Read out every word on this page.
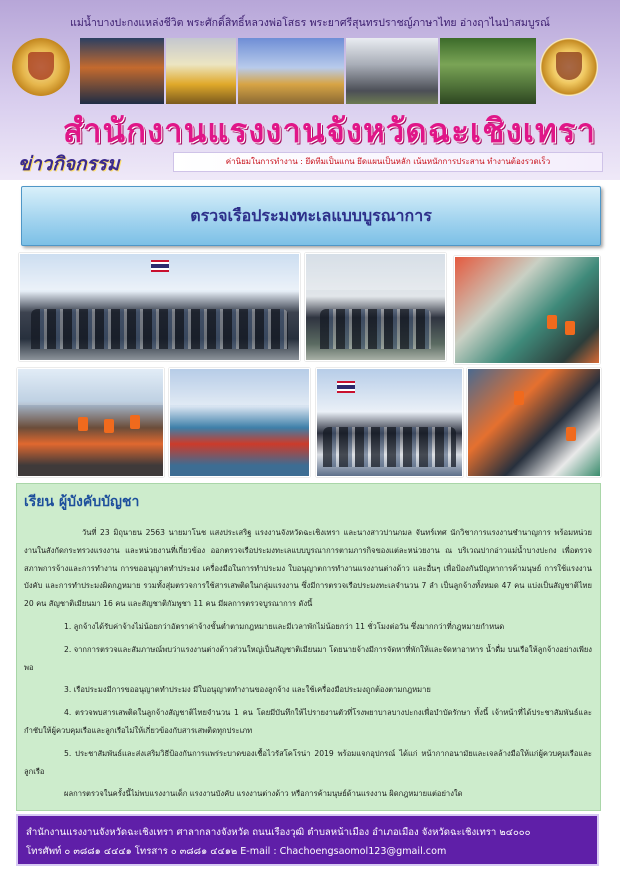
แม่น้ำบางปะกงแหล่งชีวิต พระศักดิ์สิทธิ์หลวงพ่อโสธร พระยาศรีสุนทรปราชญ์ภาษาไทย อ่างฤาไนป่าสมบูรณ์
สำนักงานแรงงานจังหวัดฉะเชิงเทรา
ข่าวกิจกรรม	ค่านิยมในการทำงาน : ยึดทีมเป็นแกน ยึดแผนเป็นหลัก เน้นหนักการประสาน ทำงานต้องรวดเร็ว
ตรวจเรือประมงทะเลแบบบูรณาการ
เรียน ผู้บังคับบัญชา

วันที่ 23 มิถุนายน 2563 นายมาโนช แสงประเสริฐ แรงงานจังหวัดฉะเชิงเทรา และนางสาวปานกมล จันทร์เทศ นักวิชาการแรงงานชำนาญการ พร้อมหน่วยงานในสังกัดกระทรวงแรงงาน และหน่วยงานที่เกี่ยวข้อง ออกตรวจเรือประมงทะเลแบบบูรณาการตามภารกิจของแต่ละหน่วยงาน ณ บริเวณปากอ่าวแม่น้ำบางปะกง เพื่อตรวจสภาพการจ้างและการทำงาน การขออนุญาตทำประมง เครื่องมือในการทำประมง ใบอนุญาตการทำงานแรงงานต่างด้าว และอื่นๆ เพื่อป้องกันปัญหาการค้ามนุษย์ การใช้แรงงานบังคับ และการทำประมงผิดกฎหมาย รวมทั้งสุ่มตรวจการใช้สารเสพติดในกลุ่มแรงงาน ซึ่งมีการตรวจเรือประมงทะเลจำนวน 7 ลำ เป็นลูกจ้างทั้งหมด 47 คน แบ่งเป็นสัญชาติไทย 20 คน สัญชาติเมียนมา 16 คน และสัญชาติกัมพูชา 11 คน มีผลการตรวจบูรณาการ ดังนี้

1. ลูกจ้างได้รับค่าจ้างไม่น้อยกว่าอัตราค่าจ้างขั้นต่ำตามกฎหมายและมีเวลาพักไม่น้อยกว่า 11 ชั่วโมงต่อวัน ซึ่งมากกว่าที่กฎหมายกำหนด

2. จากการตรวจและสัมภาษณ์พบว่าแรงงานต่างด้าวส่วนใหญ่เป็นสัญชาติเมียนมา โดยนายจ้างมีการจัดหาที่พักให้และจัดหาอาหาร น้ำดื่ม บนเรือให้ลูกจ้างอย่างเพียงพอ

3. เรือประมงมีการขออนุญาตทำประมง มีใบอนุญาตทำงานของลูกจ้าง และใช้เครื่องมือประมงถูกต้องตามกฎหมาย

4. ตรวจพบสารเสพติดในลูกจ้างสัญชาติไทยจำนวน 1 คน โดยมีบันทึกให้ไปรายงานตัวที่โรงพยาบาลบางปะกงเพื่อบำบัดรักษา ทั้งนี้ เจ้าหน้าที่ได้ประชาสัมพันธ์และกำชับให้ผู้ควบคุมเรือและลูกเรือไม่ให้เกี่ยวข้องกับสารเสพติดทุกประเภท

5. ประชาสัมพันธ์และส่งเสริมวิธีป้องกันการแพร่ระบาดของเชื้อไวรัสโคโรน่า 2019 พร้อมแจกอุปกรณ์ ได้แก่ หน้ากากอนามัยและเจลล้างมือให้แก่ผู้ควบคุมเรือและลูกเรือ

ผลการตรวจในครั้งนี้ไม่พบแรงงานเด็ก แรงงานบังคับ แรงงานต่างด้าว หรือการค้ามนุษย์ด้านแรงงาน ผิดกฎหมายแต่อย่างใด

สำนักงานแรงงานจังหวัดฉะเชิงเทรา ศาลากลางจังหวัด ถนนเรืองวุฒิ ตำบลหน้าเมือง อำเภอเมือง จังหวัดฉะเชิงเทรา ๒๔๐๐๐
โทรศัพท์ ๐ ๓๘๘๑ ๔๔๔๑ โทรสาร ๐ ๓๘๘๑ ๔๔๑๒ E-mail : Chachoengsaomol123@gmail.com
